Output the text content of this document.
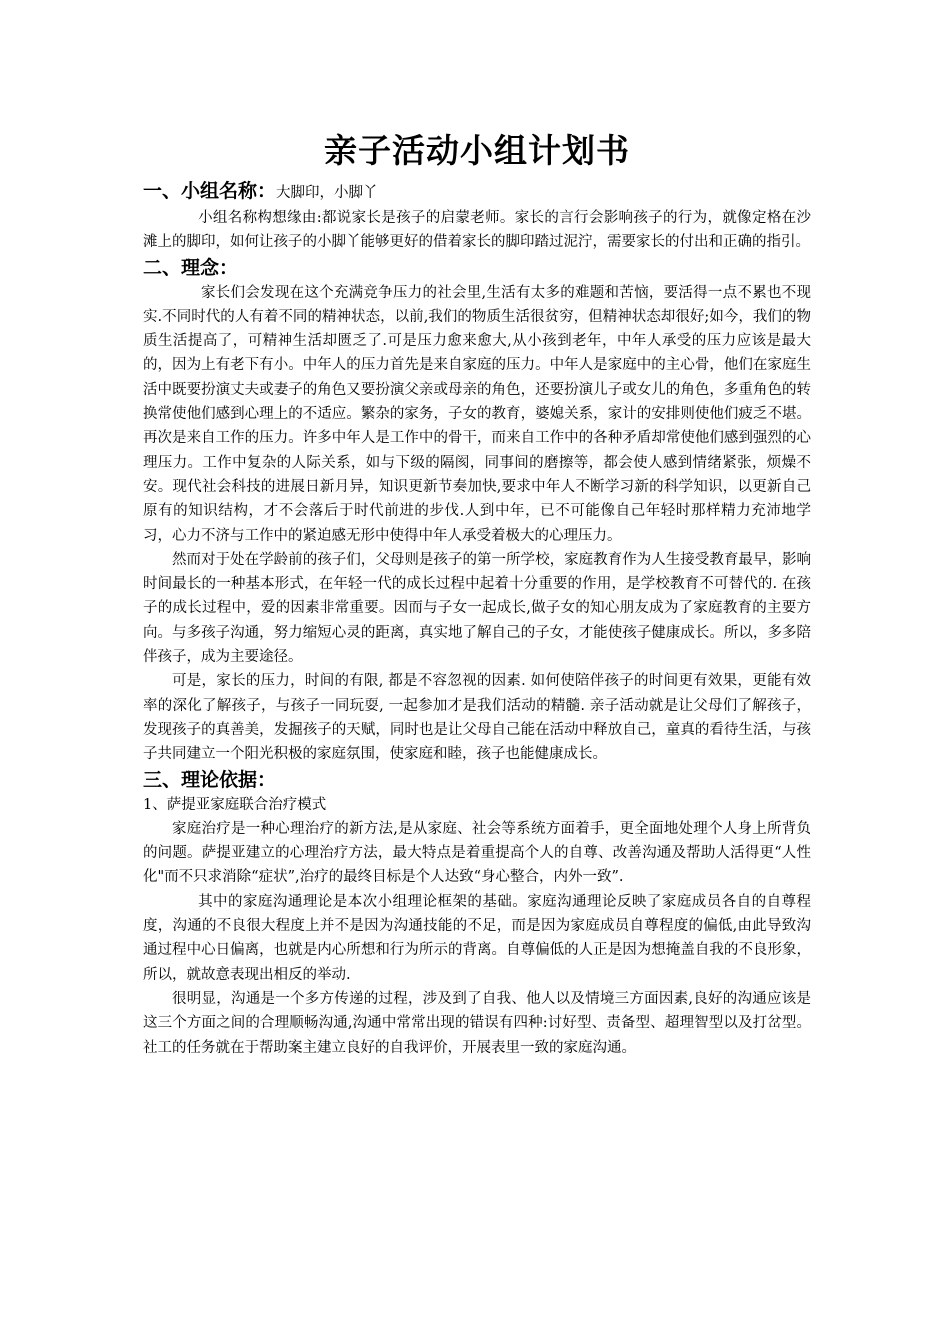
亲子活动小组计划书
一、小组名称：大脚印，小脚丫

小组名称构想缘由:都说家长是孩子的启蒙老师。家长的言行会影响孩子的行为，就像定格在沙滩上的脚印，如何让孩子的小脚丫能够更好的借着家长的脚印踏过泥泞，需要家长的付出和正确的指引。

二、理念：

家长们会发现在这个充满竞争压力的社会里,生活有太多的难题和苦恼，要活得一点不累也不现实.不同时代的人有着不同的精神状态，以前,我们的物质生活很贫穷，但精神状态却很好;如今，我们的物质生活提高了，可精神生活却匮乏了.可是压力愈来愈大,从小孩到老年，中年人承受的压力应该是最大的，因为上有老下有小。中年人的压力首先是来自家庭的压力。中年人是家庭中的主心骨，他们在家庭生活中既要扮演丈夫或妻子的角色又要扮演父亲或母亲的角色，还要扮演儿子或女儿的角色，多重角色的转换常使他们感到心理上的不适应。繁杂的家务，子女的教育，婆媳关系，家计的安排则使他们疲乏不堪。再次是来自工作的压力。许多中年人是工作中的骨干，而来自工作中的各种矛盾却常使他们感到强烈的心理压力。工作中复杂的人际关系，如与下级的隔阂，同事间的磨擦等，都会使人感到情绪紧张，烦燥不安。现代社会科技的进展日新月异，知识更新节奏加快,要求中年人不断学习新的科学知识，以更新自己原有的知识结构，才不会落后于时代前进的步伐.人到中年，已不可能像自己年轻时那样精力充沛地学习，心力不济与工作中的紧迫感无形中使得中年人承受着极大的心理压力。

然而对于处在学龄前的孩子们，父母则是孩子的第一所学校，家庭教育作为人生接受教育最早，影响时间最长的一种基本形式，在年轻一代的成长过程中起着十分重要的作用，是学校教育不可替代的. 在孩子的成长过程中，爱的因素非常重要。因而与子女一起成长,做子女的知心朋友成为了家庭教育的主要方向。与多孩子沟通，努力缩短心灵的距离，真实地了解自己的子女，才能使孩子健康成长。所以，多多陪伴孩子，成为主要途径。

可是，家长的压力，时间的有限, 都是不容忽视的因素. 如何使陪伴孩子的时间更有效果，更能有效率的深化了解孩子，与孩子一同玩耍, 一起参加才是我们活动的精髓. 亲子活动就是让父母们了解孩子，发现孩子的真善美，发掘孩子的天赋，同时也是让父母自己能在活动中释放自己，童真的看待生活，与孩子共同建立一个阳光积极的家庭氛围，使家庭和睦，孩子也能健康成长。

三、理论依据：

1、萨提亚家庭联合治疗模式

家庭治疗是一种心理治疗的新方法,是从家庭、社会等系统方面着手，更全面地处理个人身上所背负的问题。萨提亚建立的心理治疗方法，最大特点是着重提高个人的自尊、改善沟通及帮助人活得更“人性化"而不只求消除“症状”,治疗的最终目标是个人达致“身心整合，内外一致”.

其中的家庭沟通理论是本次小组理论框架的基础。家庭沟通理论反映了家庭成员各自的自尊程度，沟通的不良很大程度上并不是因为沟通技能的不足，而是因为家庭成员自尊程度的偏低,由此导致沟通过程中心日偏离，也就是内心所想和行为所示的背离。自尊偏低的人正是因为想掩盖自我的不良形象，所以，就故意表现出相反的举动.

很明显，沟通是一个多方传递的过程，涉及到了自我、他人以及情境三方面因素,良好的沟通应该是这三个方面之间的合理顺畅沟通,沟通中常常出现的错误有四种:讨好型、责备型、超理智型以及打岔型。社工的任务就在于帮助案主建立良好的自我评价，开展表里一致的家庭沟通。
